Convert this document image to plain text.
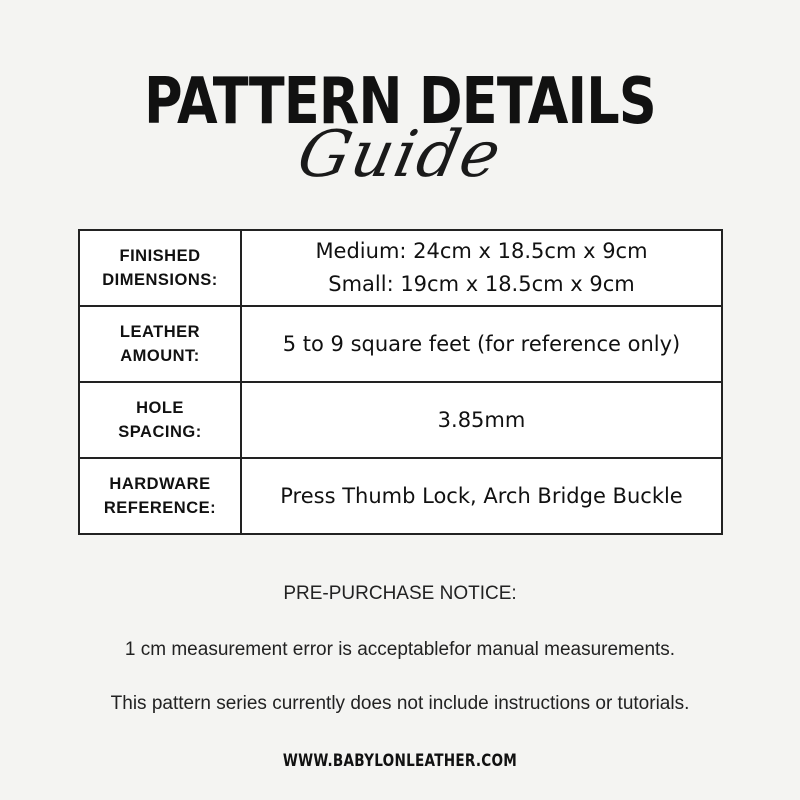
PATTERN DETAILS
Guide
FINISHED
DIMENSIONS:	Medium: 24cm x 18.5cm x 9cm
Small: 19cm x 18.5cm x 9cm

LEATHER
AMOUNT:	5 to 9 square feet (for reference only)

HOLE
SPACING:	3.85mm

HARDWARE
REFERENCE:	Press Thumb Lock, Arch Bridge Buckle
PRE-PURCHASE NOTICE:
1 cm measurement error is acceptablefor manual measurements.
This pattern series currently does not include instructions or tutorials.
WWW.BABYLONLEATHER.COM
